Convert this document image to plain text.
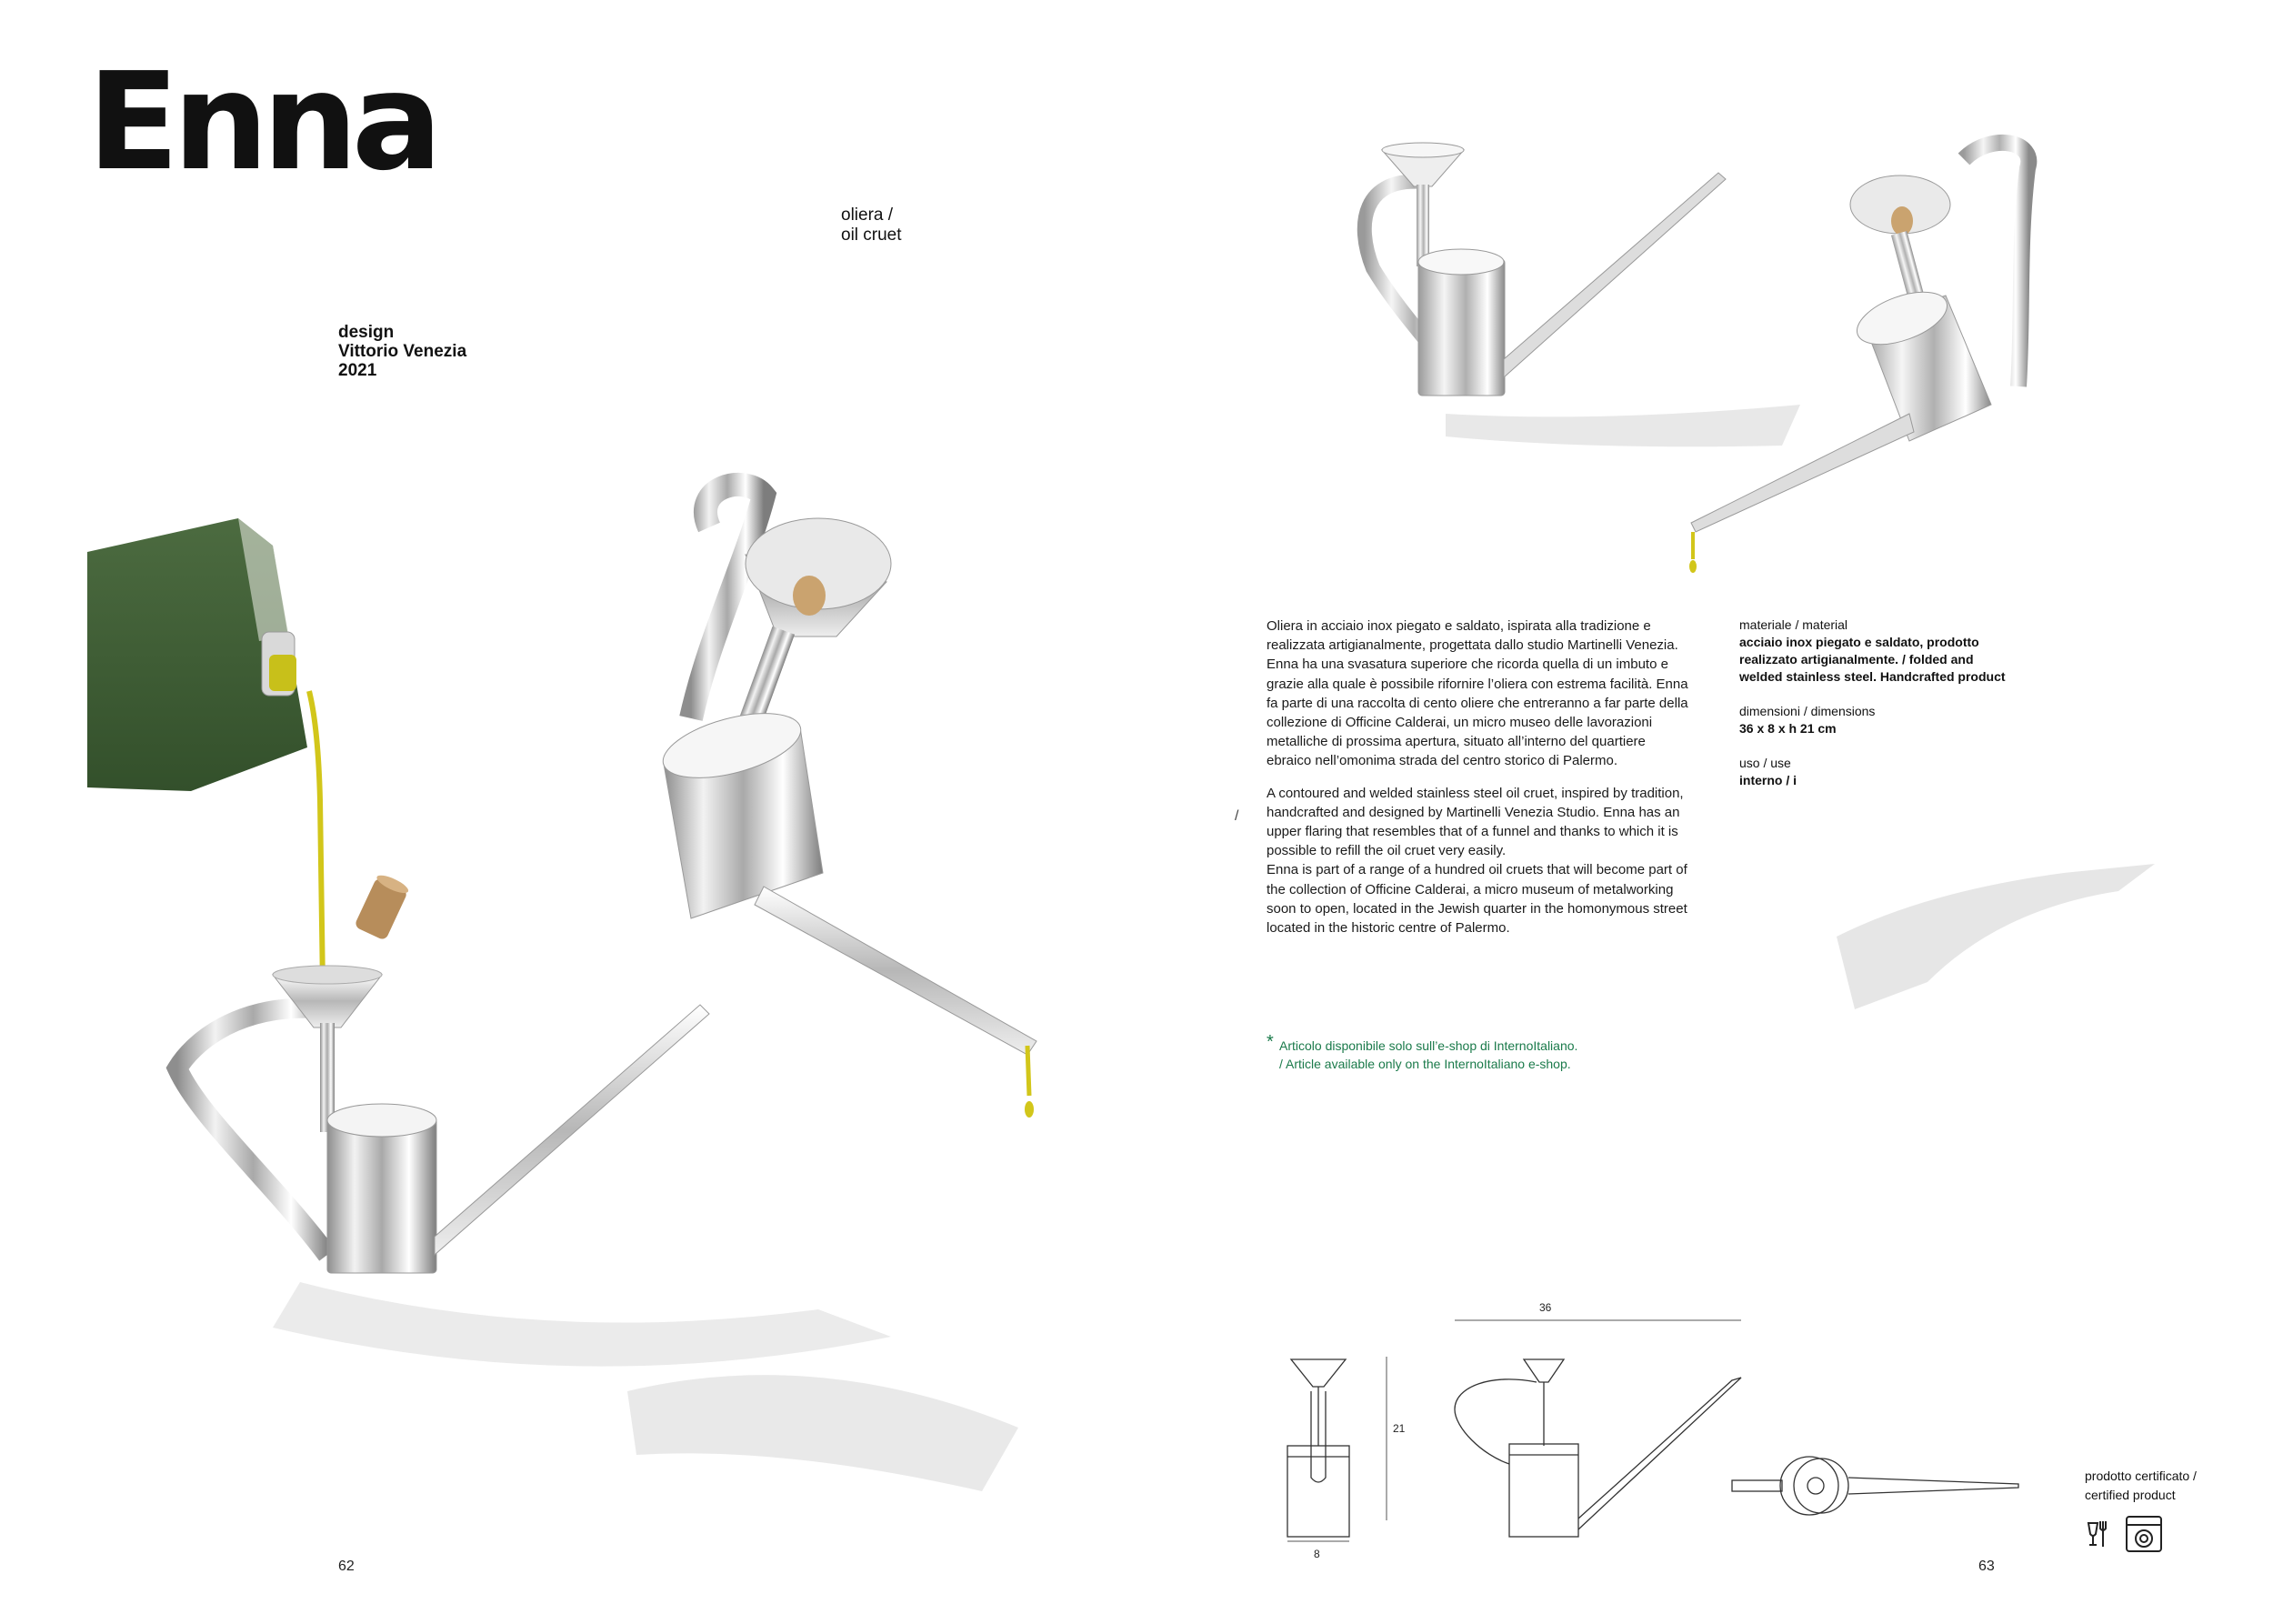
Enna
oliera /
oil cruet
design
Vittorio Venezia
2021
62

Oliera in acciaio inox piegato e saldato, ispirata alla tradizione e realizzata artigianalmente, progettata dallo studio Martinelli Venezia. Enna ha una svasatura superiore che ricorda quella di un imbuto e grazie alla quale è possibile rifornire l’oliera con estrema facilità. Enna fa parte di una raccolta di cento oliere che entreranno a far parte della collezione di Officine Calderai, un micro museo delle lavorazioni metalliche di prossima apertura, situato all’interno del quartiere ebraico nell’omonima strada del centro storico di Palermo.

A contoured and welded stainless steel oil cruet, inspired by tradition, handcrafted and designed by Martinelli Venezia Studio. Enna has an upper flaring that resembles that of a funnel and thanks to which it is possible to refill the oil cruet very easily.

Enna is part of a range of a hundred oil cruets that will become part of the collection of Officine Calderai, a micro museum of metalworking soon to open, located in the Jewish quarter in the homonymous street located in the historic centre of Palermo.

/
materiale / material
acciaio inox piegato e saldato, prodotto realizzato artigianalmente. / folded and welded stainless steel. Handcrafted product
dimensioni / dimensions
36 x 8 x h 21 cm
uso / use
interno / i
* Articolo disponibile solo sull’e-shop di InternoItaliano.
/ Article available only on the InternoItaliano e-shop.
36
21
8
prodotto certificato /
certified product
63
